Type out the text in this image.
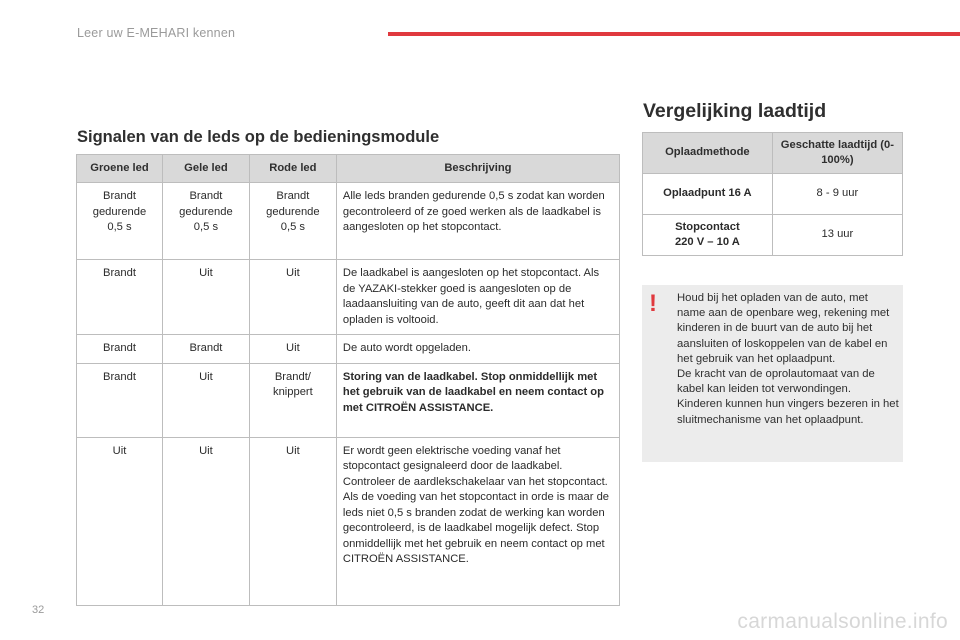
Leer uw E-MEHARI kennen
Signalen van de leds op de bedieningsmodule
Groene led	Gele led	Rode led	Beschrijving
Brandt gedurende 0,5 s	Brandt gedurende 0,5 s	Brandt gedurende 0,5 s	Alle leds branden gedurende 0,5 s zodat kan worden gecontroleerd of ze goed werken als de laadkabel is aangesloten op het stopcontact.
Brandt	Uit	Uit	De laadkabel is aangesloten op het stopcontact. Als de YAZAKI-stekker goed is aangesloten op de laadaansluiting van de auto, geeft dit aan dat het opladen is voltooid.
Brandt	Brandt	Uit	De auto wordt opgeladen.
Brandt	Uit	Brandt/ knippert	Storing van de laadkabel. Stop onmiddellijk met het gebruik van de laadkabel en neem contact op met CITROËN ASSISTANCE.
Uit	Uit	Uit	Er wordt geen elektrische voeding vanaf het stopcontact gesignaleerd door de laadkabel. Controleer de aardlekschakelaar van het stopcontact. Als de voeding van het stopcontact in orde is maar de leds niet 0,5 s branden zodat de werking kan worden gecontroleerd, is de laadkabel mogelijk defect. Stop onmiddellijk met het gebruik en neem contact op met CITROËN ASSISTANCE.
Vergelijking laadtijd
Oplaadmethode	Geschatte laadtijd (0-100%)
Oplaadpunt 16 A	8 - 9 uur
Stopcontact 220 V – 10 A	13 uur
! Houd bij het opladen van de auto, met name aan de openbare weg, rekening met kinderen in de buurt van de auto bij het aansluiten of loskoppelen van de kabel en het gebruik van het oplaadpunt.
De kracht van de oprolautomaat van de kabel kan leiden tot verwondingen. Kinderen kunnen hun vingers bezeren in het sluitmechanisme van het oplaadpunt.
32	carmanualsonline.info
